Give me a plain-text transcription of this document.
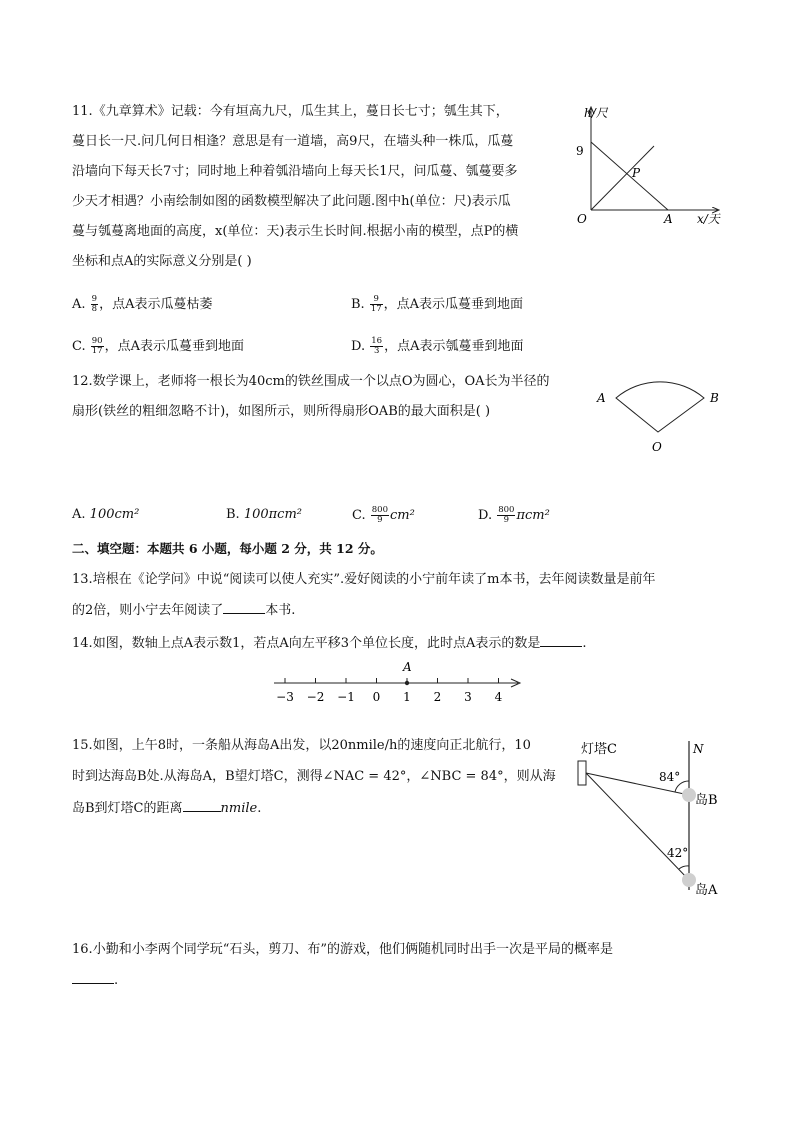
11.《九章算术》记载：今有垣高九尺，瓜生其上，蔓日长七寸；瓠生其下，
蔓日长一尺.问几何日相逢？意思是有一道墙，高9尺，在墙头种一株瓜，瓜蔓
沿墙向下每天长7寸；同时地上种着瓠沿墙向上每天长1尺，问瓜蔓、瓠蔓要多
少天才相遇？小南绘制如图的函数模型解决了此问题.图中h(单位：尺)表示瓜
蔓与瓠蔓离地面的高度，x(单位：天)表示生长时间.根据小南的模型，点P的横
坐标和点A的实际意义分别是( )
A. $\frac{9}{8}$ ，点A表示瓜蔓枯萎	B. $\frac{9}{17}$ ，点A表示瓜蔓垂到地面
C. $\frac{90}{17}$ ，点A表示瓜蔓垂到地面	D. $\frac{16}{3}$ ，点A表示瓠蔓垂到地面
h/尺
x/天
9
O	A
P
12.数学课上，老师将一根长为40cm的铁丝围成一个以点O为圆心，OA长为半径的
扇形(铁丝的粗细忽略不计)，如图所示，则所得扇形OAB的最大面积是( )
A	B
O
A. 100cm²	B. 100πcm²	C. $\frac{800}{9} cm^2$	D. $\frac{800}{9} \pi cm^2$
二、填空题：本题共 6 小题，每小题 2 分，共 12 分。
13.培根在《论学问》中说“阅读可以使人充实”.爱好阅读的小宁前年读了m本书，去年阅读数量是前年
的2倍，则小宁去年阅读了	本书.
14.如图，数轴上点A表示数1，若点A向左平移3个单位长度，此时点A表示的数是	.
−3 −2 −1 0 1 2 3 4
A
15.如图，上午8时，一条船从海岛A出发，以20nmile/h的速度向正北航行，10
时到达海岛B处.从海岛A，B望灯塔C，测得∠NAC = 42°，∠NBC = 84°，则从海
岛B到灯塔C的距离	nmile.
灯塔C	N
84°
42°
岛B
岛A
16.小勤和小李两个同学玩“石头，剪刀、布”的游戏，他们俩随机同时出手一次是平局的概率是
.
